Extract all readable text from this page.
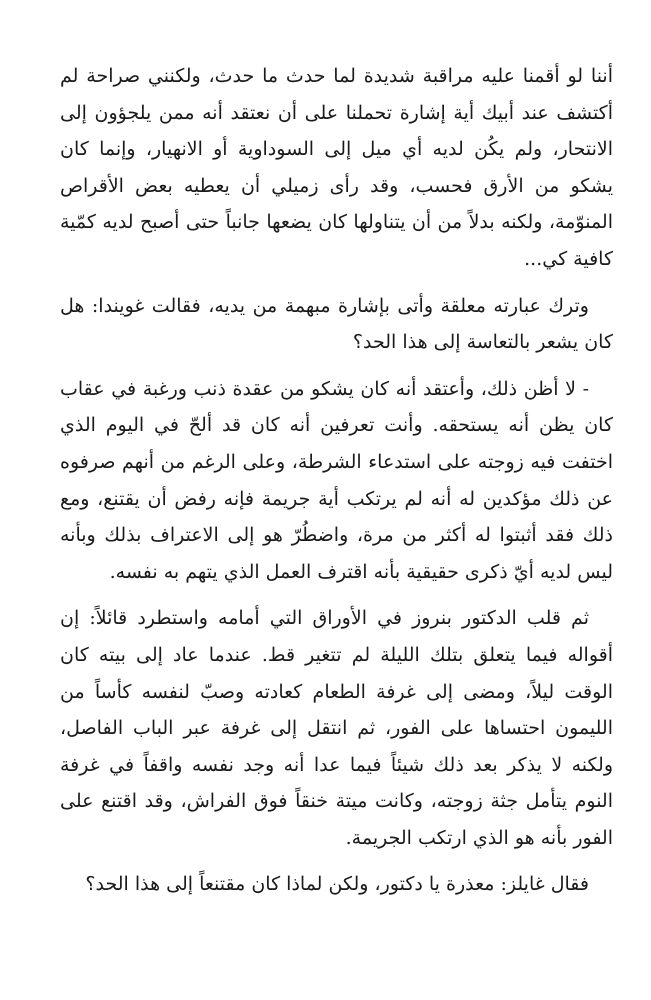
أننا لو أقمنا عليه مراقبة شديدة لما حدث ما حدث، ولكنني صراحة لم أكتشف عند أبيك أية إشارة تحملنا على أن نعتقد أنه ممن يلجؤون إلى الانتحار، ولم يكُن لديه أي ميل إلى السوداوية أو الانهيار، وإنما كان يشكو من الأرق فحسب، وقد رأى زميلي أن يعطيه بعض الأقراص المنوّمة، ولكنه بدلاً من أن يتناولها كان يضعها جانباً حتى أصبح لديه كمّية كافية كي...

وترك عبارته معلقة وأتى بإشارة مبهمة من يديه، فقالت غويندا: هل كان يشعر بالتعاسة إلى هذا الحد؟

- لا أظن ذلك، وأعتقد أنه كان يشكو من عقدة ذنب ورغبة في عقاب كان يظن أنه يستحقه. وأنت تعرفين أنه كان قد ألحّ في اليوم الذي اختفت فيه زوجته على استدعاء الشرطة، وعلى الرغم من أنهم صرفوه عن ذلك مؤكدين له أنه لم يرتكب أية جريمة فإنه رفض أن يقتنع، ومع ذلك فقد أثبتوا له أكثر من مرة، واضطُرّ هو إلى الاعتراف بذلك وبأنه ليس لديه أيّ ذكرى حقيقية بأنه اقترف العمل الذي يتهم به نفسه.

ثم قلب الدكتور بنروز في الأوراق التي أمامه واستطرد قائلاً: إن أقواله فيما يتعلق بتلك الليلة لم تتغير قط. عندما عاد إلى بيته كان الوقت ليلاً، ومضى إلى غرفة الطعام كعادته وصبّ لنفسه كأساً من الليمون احتساها على الفور، ثم انتقل إلى غرفة عبر الباب الفاصل، ولكنه لا يذكر بعد ذلك شيئاً فيما عدا أنه وجد نفسه واقفاً في غرفة النوم يتأمل جثة زوجته، وكانت ميتة خنقاً فوق الفراش، وقد اقتنع على الفور بأنه هو الذي ارتكب الجريمة.

فقال غايلز: معذرة يا دكتور، ولكن لماذا كان مقتنعاً إلى هذا الحد؟
